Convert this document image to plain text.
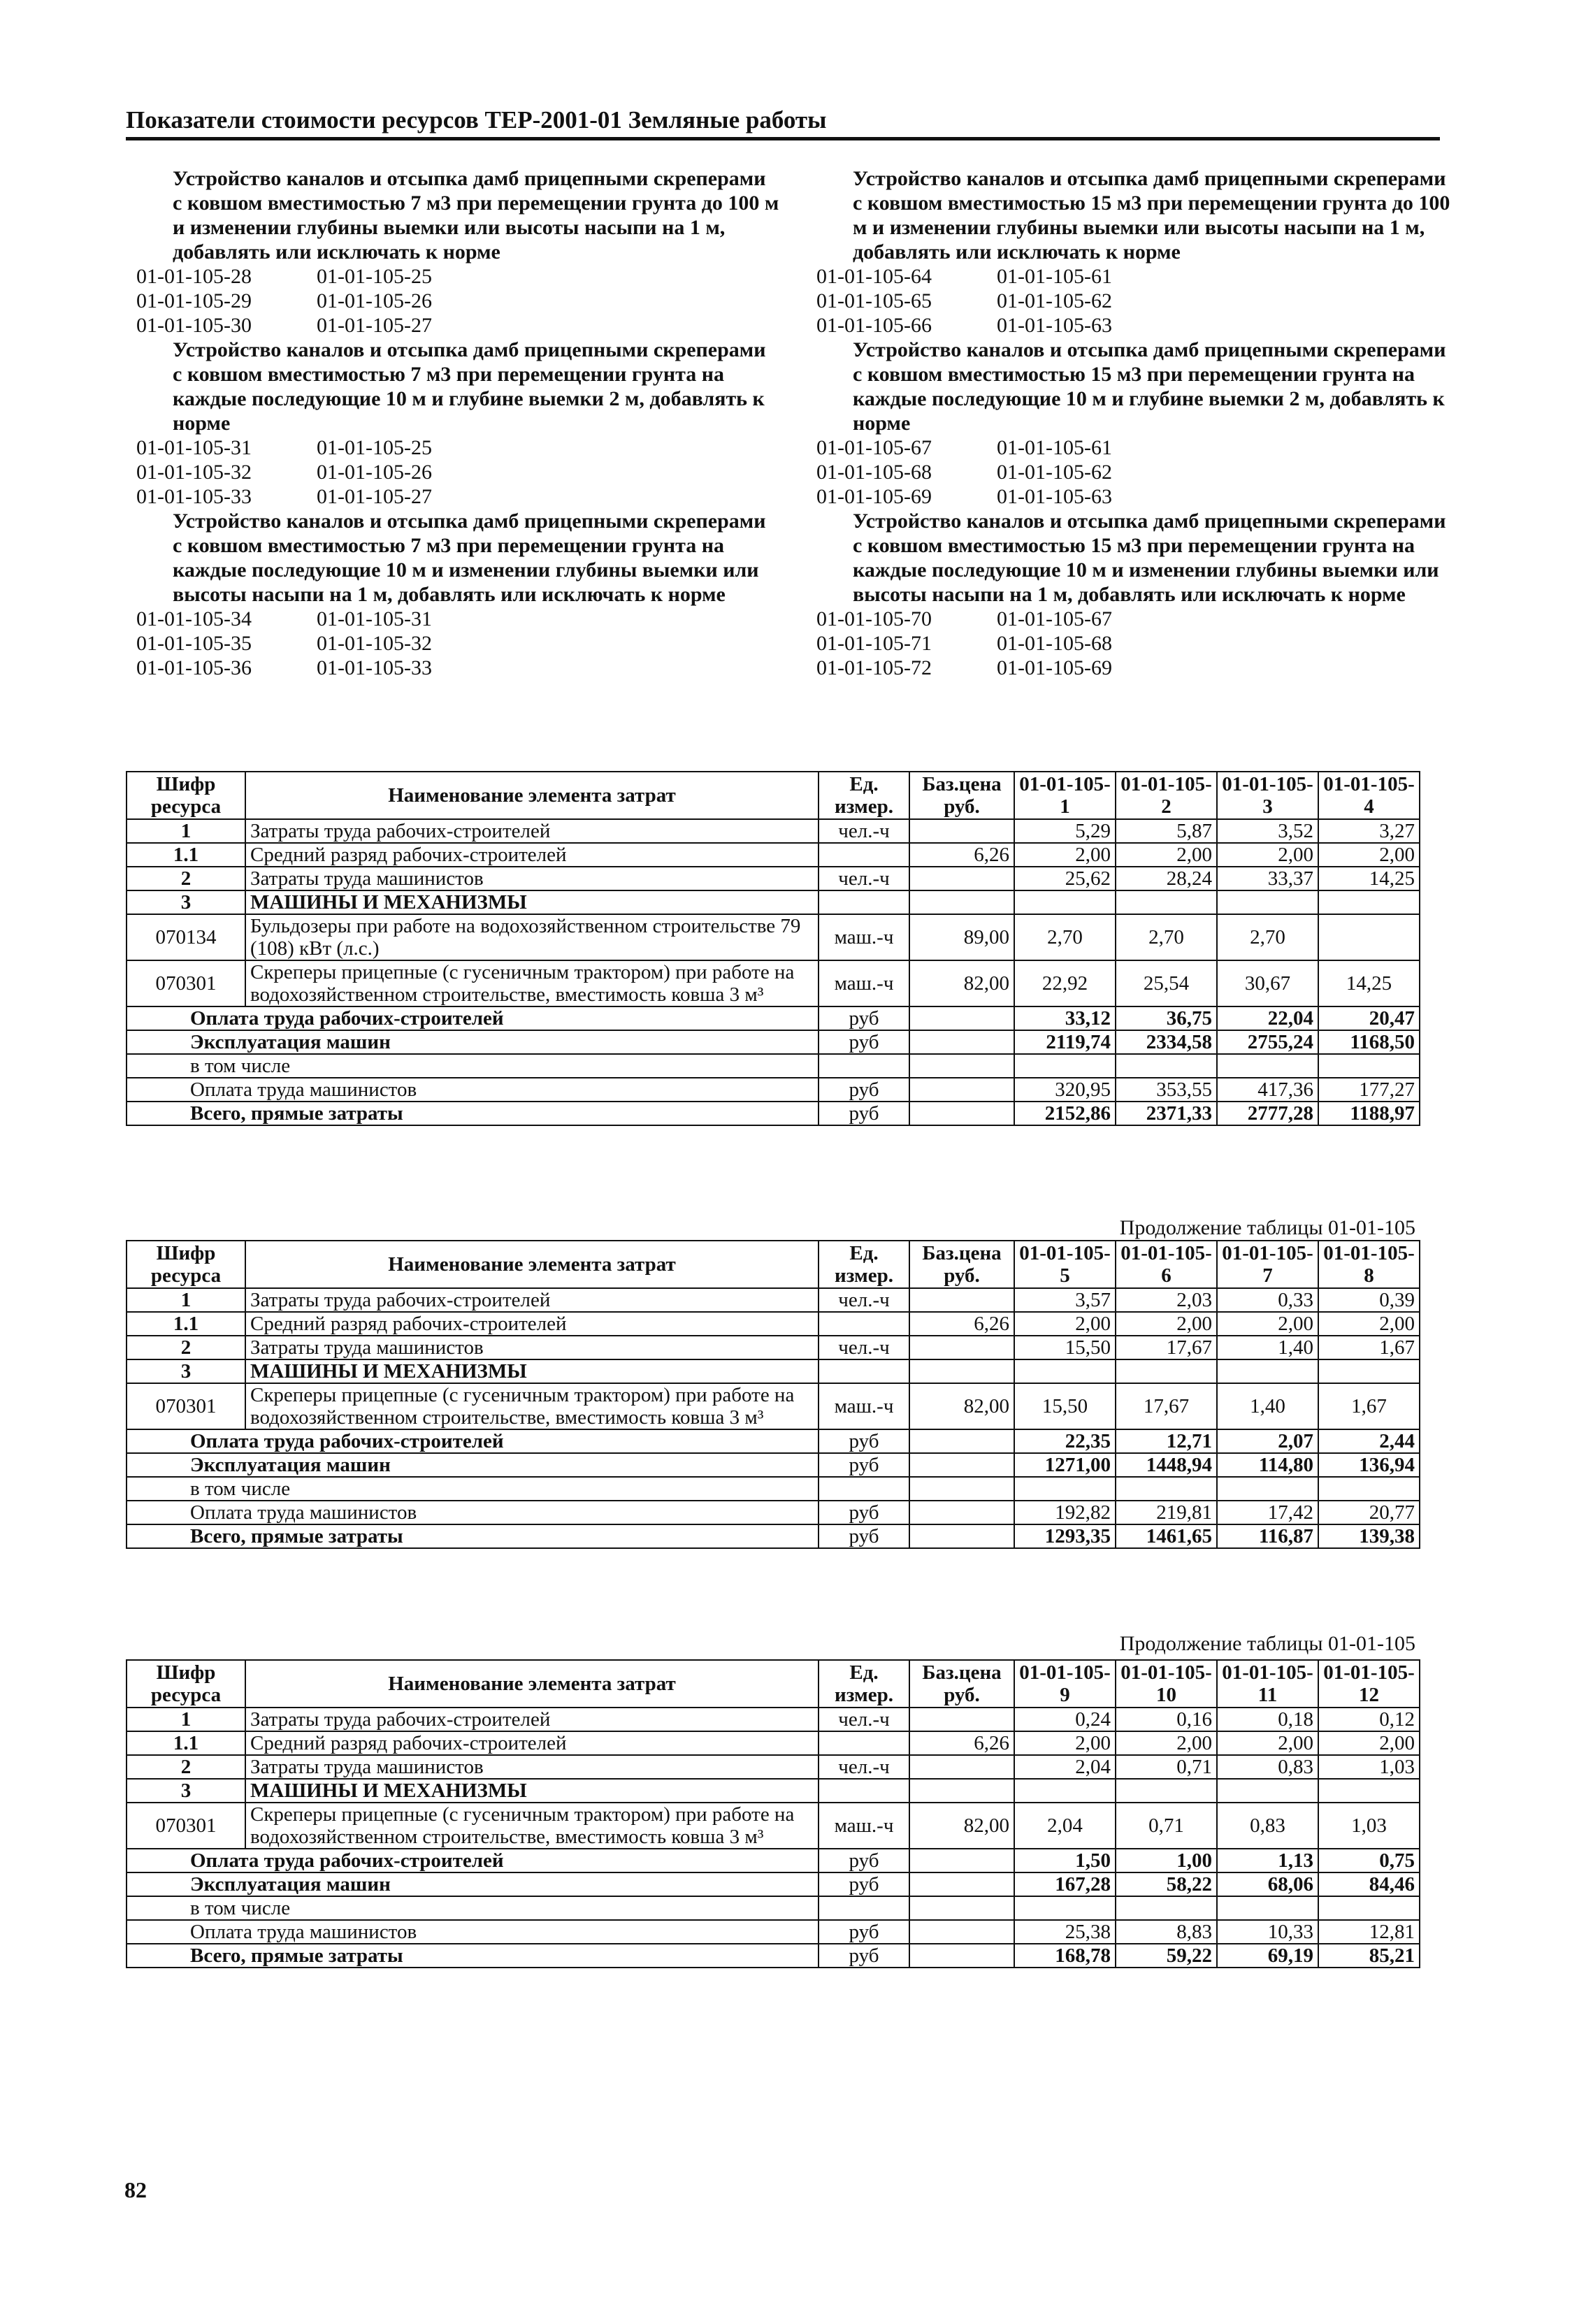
Показатели стоимости ресурсов ТЕР-2001-01 Земляные работы

Устройство каналов и отсыпка дамб прицепными скреперами с ковшом вместимостью 7 м3 при перемещении грунта до 100 м и изменении глубины выемки или высоты насыпи на 1 м, добавлять или исключать к норме

01-01-105-28	01-01-105-25
01-01-105-29	01-01-105-26
01-01-105-30	01-01-105-27

Устройство каналов и отсыпка дамб прицепными скреперами с ковшом вместимостью 7 м3 при перемещении грунта на каждые последующие 10 м и глубине выемки 2 м, добавлять к норме

01-01-105-31	01-01-105-25
01-01-105-32	01-01-105-26
01-01-105-33	01-01-105-27

Устройство каналов и отсыпка дамб прицепными скреперами с ковшом вместимостью 7 м3 при перемещении грунта на каждые последующие 10 м и изменении глубины выемки или высоты насыпи на 1 м, добавлять или исключать к норме

01-01-105-34	01-01-105-31
01-01-105-35	01-01-105-32
01-01-105-36	01-01-105-33

Устройство каналов и отсыпка дамб прицепными скреперами с ковшом вместимостью 15 м3 при перемещении грунта до 100 м и изменении глубины выемки или высоты насыпи на 1 м, добавлять или исключать к норме

01-01-105-64	01-01-105-61
01-01-105-65	01-01-105-62
01-01-105-66	01-01-105-63

Устройство каналов и отсыпка дамб прицепными скреперами с ковшом вместимостью 15 м3 при перемещении грунта на каждые последующие 10 м и глубине выемки 2 м, добавлять к норме

01-01-105-67	01-01-105-61
01-01-105-68	01-01-105-62
01-01-105-69	01-01-105-63

Устройство каналов и отсыпка дамб прицепными скреперами с ковшом вместимостью 15 м3 при перемещении грунта на каждые последующие 10 м и изменении глубины выемки или высоты насыпи на 1 м, добавлять или исключать к норме

01-01-105-70	01-01-105-67
01-01-105-71	01-01-105-68
01-01-105-72	01-01-105-69
Продолжение таблицы 01-01-105
Продолжение таблицы 01-01-105
Шифр ресурса	Наименование элемента затрат	Ед. измер.	Баз.цена руб.	01-01-105-1	01-01-105-2	01-01-105-3	01-01-105-4
1	Затраты труда рабочих-строителей	чел.-ч		5,29	5,87	3,52	3,27
1.1	Средний разряд рабочих-строителей		6,26	2,00	2,00	2,00	2,00
2	Затраты труда машинистов	чел.-ч		25,62	28,24	33,37	14,25
3	МАШИНЫ И МЕХАНИЗМЫ						
070134	Бульдозеры при работе на водохозяйственном строительстве 79 (108) кВт (л.с.)	маш.-ч	89,00	2,70	2,70	2,70	
070301	Скреперы прицепные (с гусеничным трактором) при работе на водохозяйственном строительстве, вместимость ковша 3 м³	маш.-ч	82,00	22,92	25,54	30,67	14,25
Оплата труда рабочих-строителей		руб		33,12	36,75	22,04	20,47
Эксплуатация машин		руб		2119,74	2334,58	2755,24	1168,50
в том числе							
Оплата труда машинистов		руб		320,95	353,55	417,36	177,27
Всего, прямые затраты		руб		2152,86	2371,33	2777,28	1188,97
Шифр ресурса	Наименование элемента затрат	Ед. измер.	Баз.цена руб.	01-01-105-5	01-01-105-6	01-01-105-7	01-01-105-8
1	Затраты труда рабочих-строителей	чел.-ч		3,57	2,03	0,33	0,39
1.1	Средний разряд рабочих-строителей		6,26	2,00	2,00	2,00	2,00
2	Затраты труда машинистов	чел.-ч		15,50	17,67	1,40	1,67
3	МАШИНЫ И МЕХАНИЗМЫ						
070301	Скреперы прицепные (с гусеничным трактором) при работе на водохозяйственном строительстве, вместимость ковша 3 м³	маш.-ч	82,00	15,50	17,67	1,40	1,67
Оплата труда рабочих-строителей		руб		22,35	12,71	2,07	2,44
Эксплуатация машин		руб		1271,00	1448,94	114,80	136,94
в том числе							
Оплата труда машинистов		руб		192,82	219,81	17,42	20,77
Всего, прямые затраты		руб		1293,35	1461,65	116,87	139,38
Шифр ресурса	Наименование элемента затрат	Ед. измер.	Баз.цена руб.	01-01-105-9	01-01-105-10	01-01-105-11	01-01-105-12
1	Затраты труда рабочих-строителей	чел.-ч		0,24	0,16	0,18	0,12
1.1	Средний разряд рабочих-строителей		6,26	2,00	2,00	2,00	2,00
2	Затраты труда машинистов	чел.-ч		2,04	0,71	0,83	1,03
3	МАШИНЫ И МЕХАНИЗМЫ						
070301	Скреперы прицепные (с гусеничным трактором) при работе на водохозяйственном строительстве, вместимость ковша 3 м³	маш.-ч	82,00	2,04	0,71	0,83	1,03
Оплата труда рабочих-строителей		руб		1,50	1,00	1,13	0,75
Эксплуатация машин		руб		167,28	58,22	68,06	84,46
в том числе							
Оплата труда машинистов		руб		25,38	8,83	10,33	12,81
Всего, прямые затраты		руб		168,78	59,22	69,19	85,21
82
